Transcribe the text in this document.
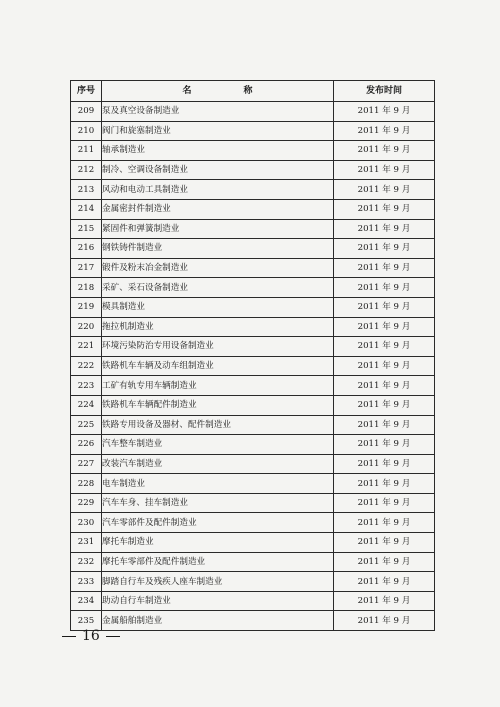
序号	名 称	发布时间
209	泵及真空设备制造业	2011 年 9 月
210	阀门和旋塞制造业	2011 年 9 月
211	轴承制造业	2011 年 9 月
212	制冷、空调设备制造业	2011 年 9 月
213	风动和电动工具制造业	2011 年 9 月
214	金属密封件制造业	2011 年 9 月
215	紧固件和弹簧制造业	2011 年 9 月
216	钢铁铸件制造业	2011 年 9 月
217	锻件及粉末冶金制造业	2011 年 9 月
218	采矿、采石设备制造业	2011 年 9 月
219	模具制造业	2011 年 9 月
220	拖拉机制造业	2011 年 9 月
221	环境污染防治专用设备制造业	2011 年 9 月
222	铁路机车车辆及动车组制造业	2011 年 9 月
223	工矿有轨专用车辆制造业	2011 年 9 月
224	铁路机车车辆配件制造业	2011 年 9 月
225	铁路专用设备及器材、配件制造业	2011 年 9 月
226	汽车整车制造业	2011 年 9 月
227	改装汽车制造业	2011 年 9 月
228	电车制造业	2011 年 9 月
229	汽车车身、挂车制造业	2011 年 9 月
230	汽车零部件及配件制造业	2011 年 9 月
231	摩托车制造业	2011 年 9 月
232	摩托车零部件及配件制造业	2011 年 9 月
233	脚踏自行车及残疾人座车制造业	2011 年 9 月
234	助动自行车制造业	2011 年 9 月
235	金属船舶制造业	2011 年 9 月
16
